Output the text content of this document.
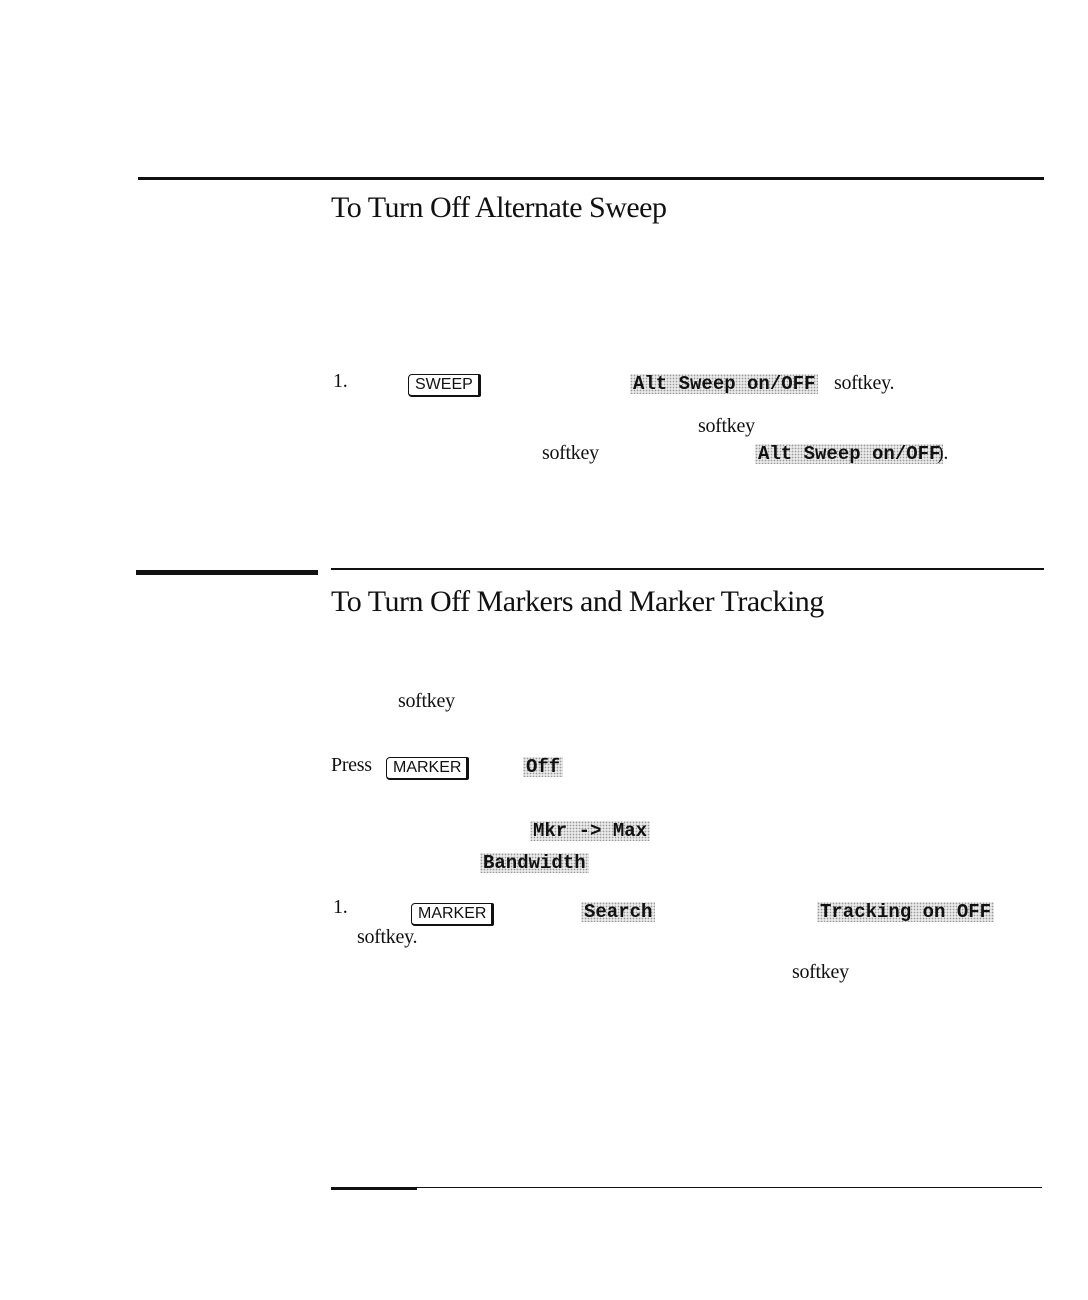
To Turn Off Alternate Sweep
1.	SWEEP	Alt Sweep on/OFF softkey.
softkey
softkey	Alt Sweep on/OFF
).
To Turn Off Markers and Marker Tracking
softkey
Press	MARKER	Off
Mkr -> Max
Bandwidth
1.	MARKER	Search	Tracking on OFF
softkey.
softkey
